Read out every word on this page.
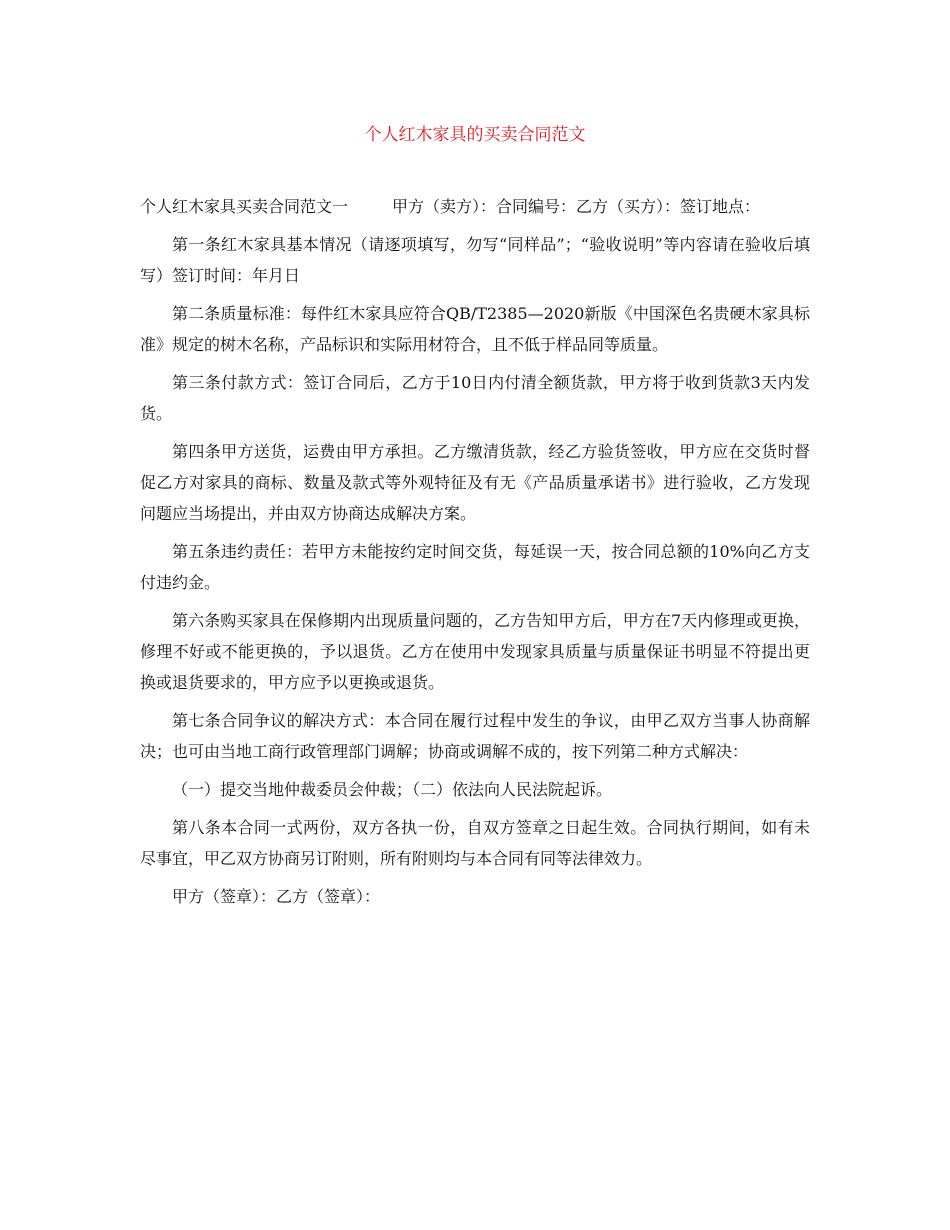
个人红木家具的买卖合同范文

个人红木家具买卖合同范文一	甲方（卖方）：合同编号：乙方（买方）：签订地点：

第一条红木家具基本情况（请逐项填写，勿写“同样品”；“验收说明”等内容请在验收后填写）签订时间：年月日

第二条质量标准：每件红木家具应符合QB/T2385—2020新版《中国深色名贵硬木家具标准》规定的树木名称，产品标识和实际用材符合，且不低于样品同等质量。

第三条付款方式：签订合同后，乙方于10日内付清全额货款，甲方将于收到货款3天内发货。

第四条甲方送货，运费由甲方承担。乙方缴清货款，经乙方验货签收，甲方应在交货时督促乙方对家具的商标、数量及款式等外观特征及有无《产品质量承诺书》进行验收，乙方发现问题应当场提出，并由双方协商达成解决方案。

第五条违约责任：若甲方未能按约定时间交货，每延误一天，按合同总额的10%向乙方支付违约金。

第六条购买家具在保修期内出现质量问题的，乙方告知甲方后，甲方在7天内修理或更换，修理不好或不能更换的，予以退货。乙方在使用中发现家具质量与质量保证书明显不符提出更换或退货要求的，甲方应予以更换或退货。

第七条合同争议的解决方式：本合同在履行过程中发生的争议，由甲乙双方当事人协商解决；也可由当地工商行政管理部门调解；协商或调解不成的，按下列第二种方式解决：

（一）提交当地仲裁委员会仲裁；（二）依法向人民法院起诉。

第八条本合同一式两份，双方各执一份，自双方签章之日起生效。合同执行期间，如有未尽事宜，甲乙双方协商另订附则，所有附则均与本合同有同等法律效力。

甲方（签章）：乙方（签章）：
